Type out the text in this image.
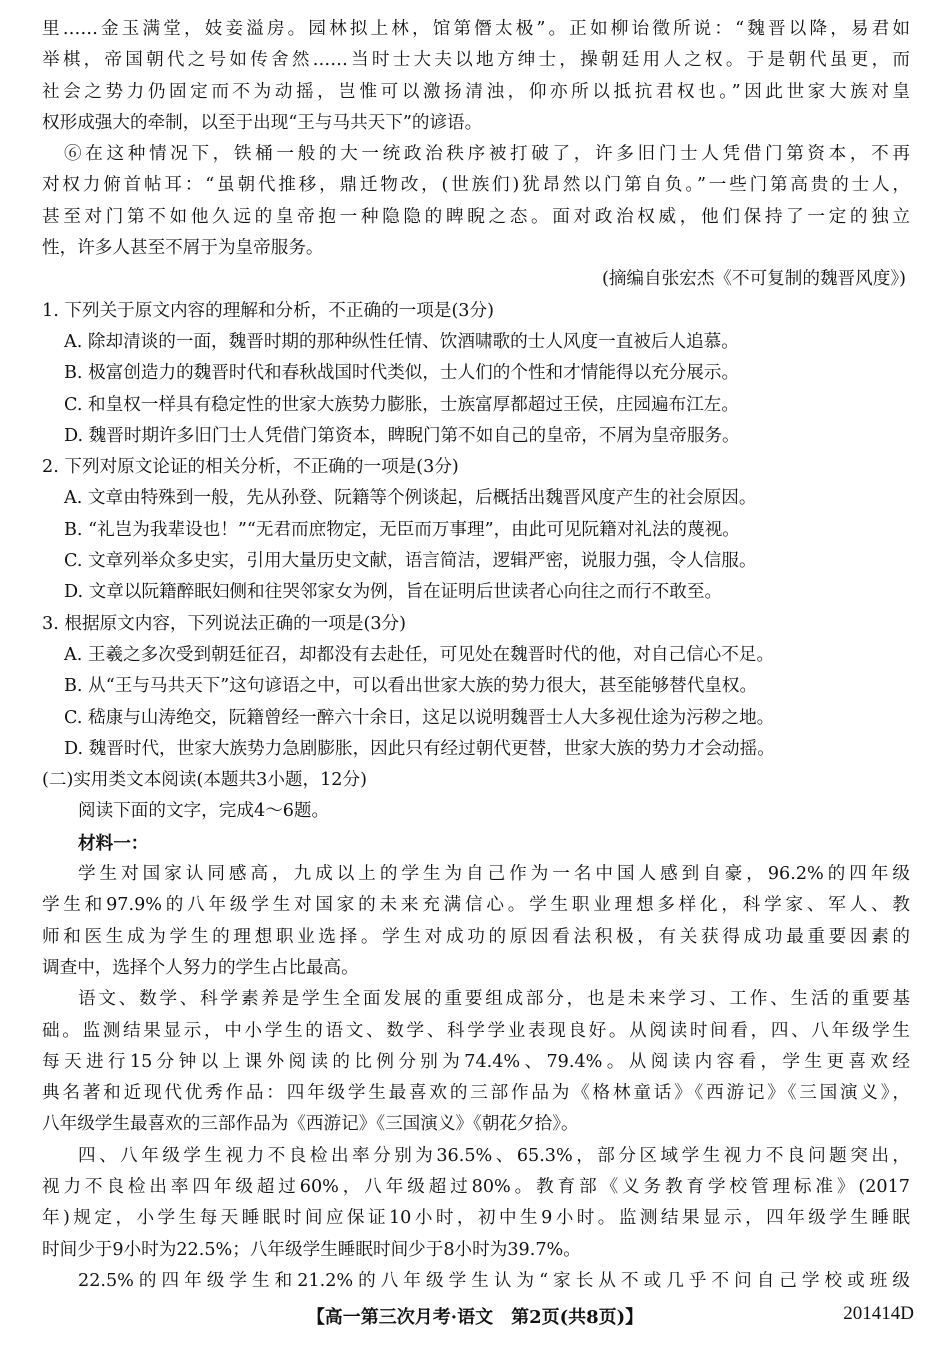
里……金玉满堂，妓妾溢房。园林拟上林，馆第僭太极”。正如柳诒徵所说：“魏晋以降，易君如
举棋，帝国朝代之号如传舍然……当时士大夫以地方绅士，操朝廷用人之权。于是朝代虽更，而
社会之势力仍固定而不为动摇，岂惟可以激扬清浊，仰亦所以抵抗君权也。”因此世家大族对皇
权形成强大的牵制，以至于出现“王与马共天下”的谚语。
⑥在这种情况下，铁桶一般的大一统政治秩序被打破了，许多旧门士人凭借门第资本，不再
对权力俯首帖耳：“虽朝代推移，鼎迁物改，(世族们)犹昂然以门第自负。”一些门第高贵的士人，
甚至对门第不如他久远的皇帝抱一种隐隐的睥睨之态。面对政治权威，他们保持了一定的独立
性，许多人甚至不屑于为皇帝服务。
(摘编自张宏杰《不可复制的魏晋风度》)
1. 下列关于原文内容的理解和分析，不正确的一项是(3分)
A. 除却清谈的一面，魏晋时期的那种纵性任情、饮酒啸歌的士人风度一直被后人追慕。
B. 极富创造力的魏晋时代和春秋战国时代类似，士人们的个性和才情能得以充分展示。
C. 和皇权一样具有稳定性的世家大族势力膨胀，士族富厚都超过王侯，庄园遍布江左。
D. 魏晋时期许多旧门士人凭借门第资本，睥睨门第不如自己的皇帝，不屑为皇帝服务。
2. 下列对原文论证的相关分析，不正确的一项是(3分)
A. 文章由特殊到一般，先从孙登、阮籍等个例谈起，后概括出魏晋风度产生的社会原因。
B. “礼岂为我辈设也！”“无君而庶物定，无臣而万事理”，由此可见阮籍对礼法的蔑视。
C. 文章列举众多史实，引用大量历史文献，语言简洁，逻辑严密，说服力强，令人信服。
D. 文章以阮籍醉眠妇侧和往哭邻家女为例，旨在证明后世读者心向往之而行不敢至。
3. 根据原文内容，下列说法正确的一项是(3分)
A. 王羲之多次受到朝廷征召，却都没有去赴任，可见处在魏晋时代的他，对自己信心不足。
B. 从“王与马共天下”这句谚语之中，可以看出世家大族的势力很大，甚至能够替代皇权。
C. 嵇康与山涛绝交，阮籍曾经一醉六十余日，这足以说明魏晋士人大多视仕途为污秽之地。
D. 魏晋时代，世家大族势力急剧膨胀，因此只有经过朝代更替，世家大族的势力才会动摇。
(二)实用类文本阅读(本题共3小题，12分)
阅读下面的文字，完成4～6题。
材料一：
学生对国家认同感高，九成以上的学生为自己作为一名中国人感到自豪，96.2%的四年级
学生和97.9%的八年级学生对国家的未来充满信心。学生职业理想多样化，科学家、军人、教
师和医生成为学生的理想职业选择。学生对成功的原因看法积极，有关获得成功最重要因素的
调查中，选择个人努力的学生占比最高。
语文、数学、科学素养是学生全面发展的重要组成部分，也是未来学习、工作、生活的重要基
础。监测结果显示，中小学生的语文、数学、科学学业表现良好。从阅读时间看，四、八年级学生
每天进行15分钟以上课外阅读的比例分别为74.4%、79.4%。从阅读内容看，学生更喜欢经
典名著和近现代优秀作品：四年级学生最喜欢的三部作品为《格林童话》《西游记》《三国演义》，
八年级学生最喜欢的三部作品为《西游记》《三国演义》《朝花夕拾》。
四、八年级学生视力不良检出率分别为36.5%、65.3%，部分区域学生视力不良问题突出，
视力不良检出率四年级超过60%，八年级超过80%。教育部《义务教育学校管理标准》(2017
年)规定，小学生每天睡眠时间应保证10小时，初中生9小时。监测结果显示，四年级学生睡眠
时间少于9小时为22.5%；八年级学生睡眠时间少于8小时为39.7%。
22.5%的四年级学生和21.2%的八年级学生认为“家长从不或几乎不问自己学校或班级
【高一第三次月考·语文　第2页(共8页)】	201414D
